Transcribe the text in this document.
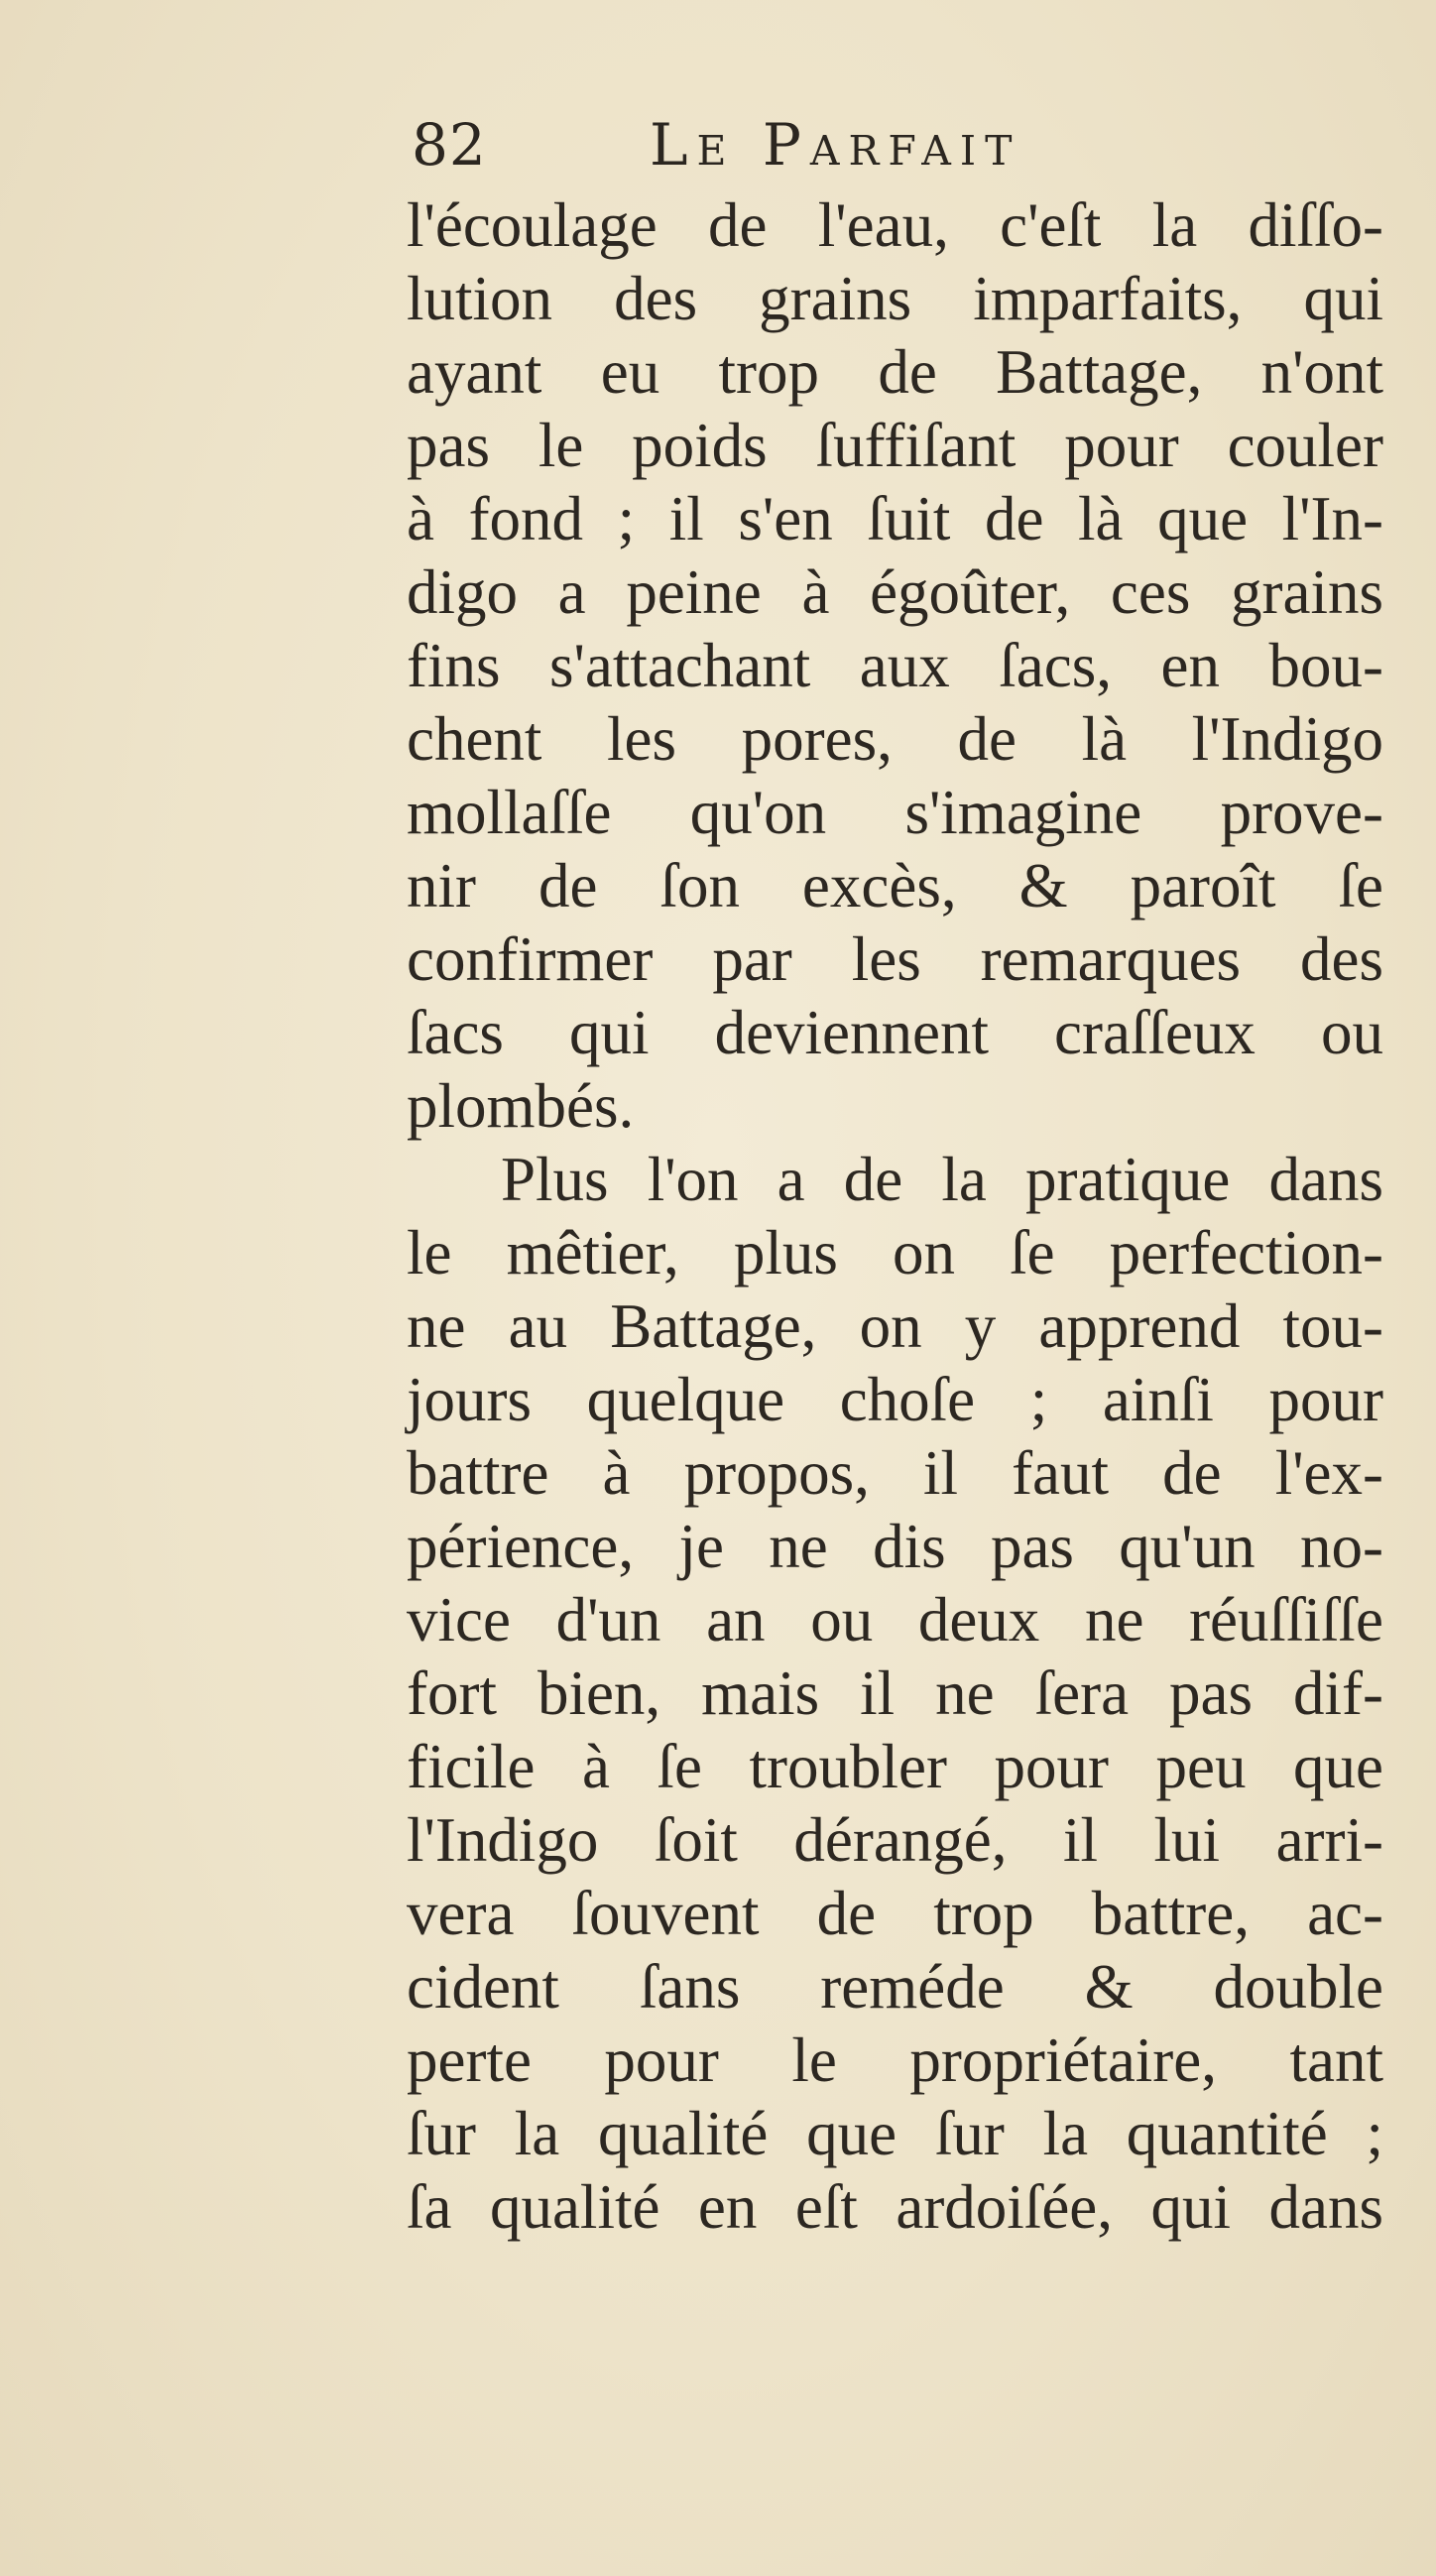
82	Le Parfait
l'écoulage de l'eau, c'eſt la diſſo-
lution des grains imparfaits, qui
ayant eu trop de Battage, n'ont
pas le poids ſuffiſant pour couler
à fond ; il s'en ſuit de là que l'In-
digo a peine à égoûter, ces grains
fins s'attachant aux ſacs, en bou-
chent les pores, de là l'Indigo
mollaſſe qu'on s'imagine prove-
nir de ſon excès, & paroît ſe
confirmer par les remarques des
ſacs qui deviennent craſſeux ou
plombés.
Plus l'on a de la pratique dans
le mêtier, plus on ſe perfection-
ne au Battage, on y apprend tou-
jours quelque choſe ; ainſi pour
battre à propos, il faut de l'ex-
périence, je ne dis pas qu'un no-
vice d'un an ou deux ne réuſſiſſe
fort bien, mais il ne ſera pas dif-
ficile à ſe troubler pour peu que
l'Indigo ſoit dérangé, il lui arri-
vera ſouvent de trop battre, ac-
cident ſans reméde & double
perte pour le propriétaire, tant
ſur la qualité que ſur la quantité ;
ſa qualité en eſt ardoiſée, qui dans
